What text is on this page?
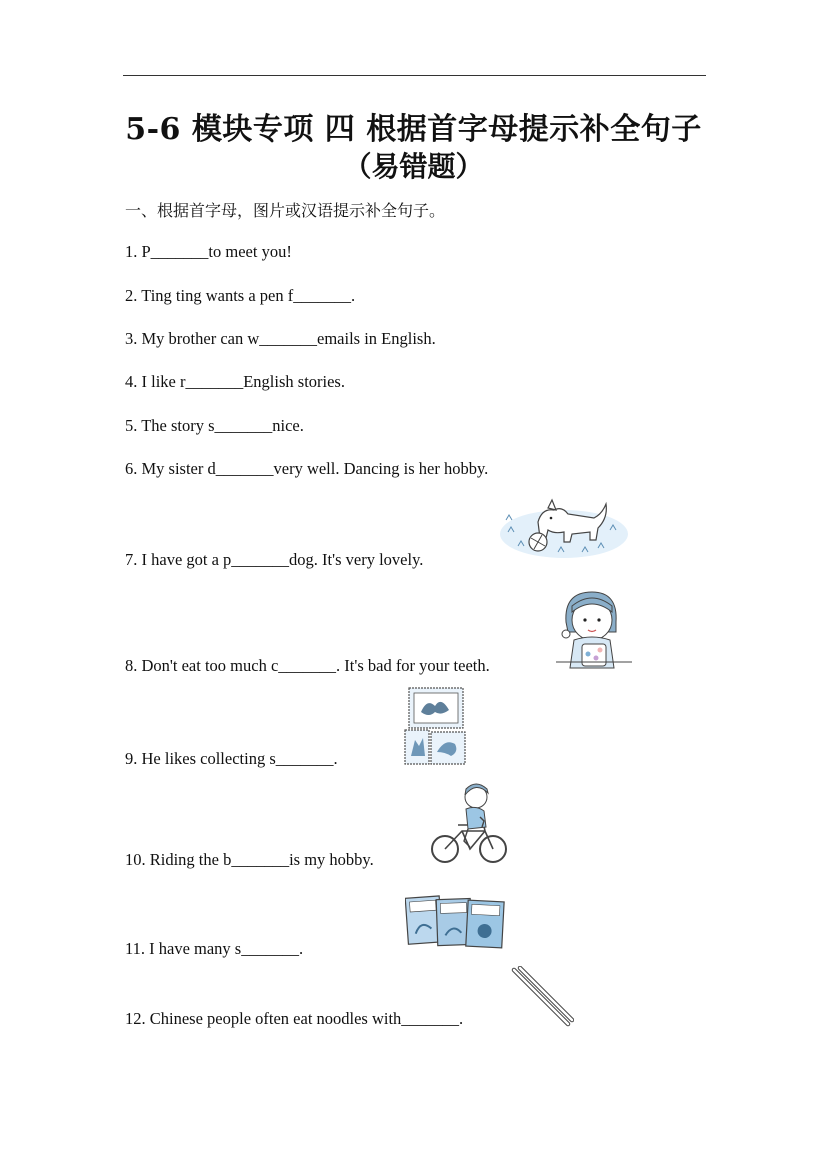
5-6 模块专项 四 根据首字母提示补全句子
（易错题）
一、根据首字母，图片或汉语提示补全句子。
1. P_______to meet you!
2. Ting ting wants a pen f_______.
3. My brother can w_______emails in English.
4. I like r_______English stories.
5. The story s_______nice.
6. My sister d_______very well. Dancing is her hobby.
7. I have got a p_______dog. It's very lovely.
8. Don't eat too much c_______. It's bad for your teeth.
9. He likes collecting s_______.
10. Riding the b_______is my hobby.
11. I have many s_______.
12. Chinese people often eat noodles with_______.
